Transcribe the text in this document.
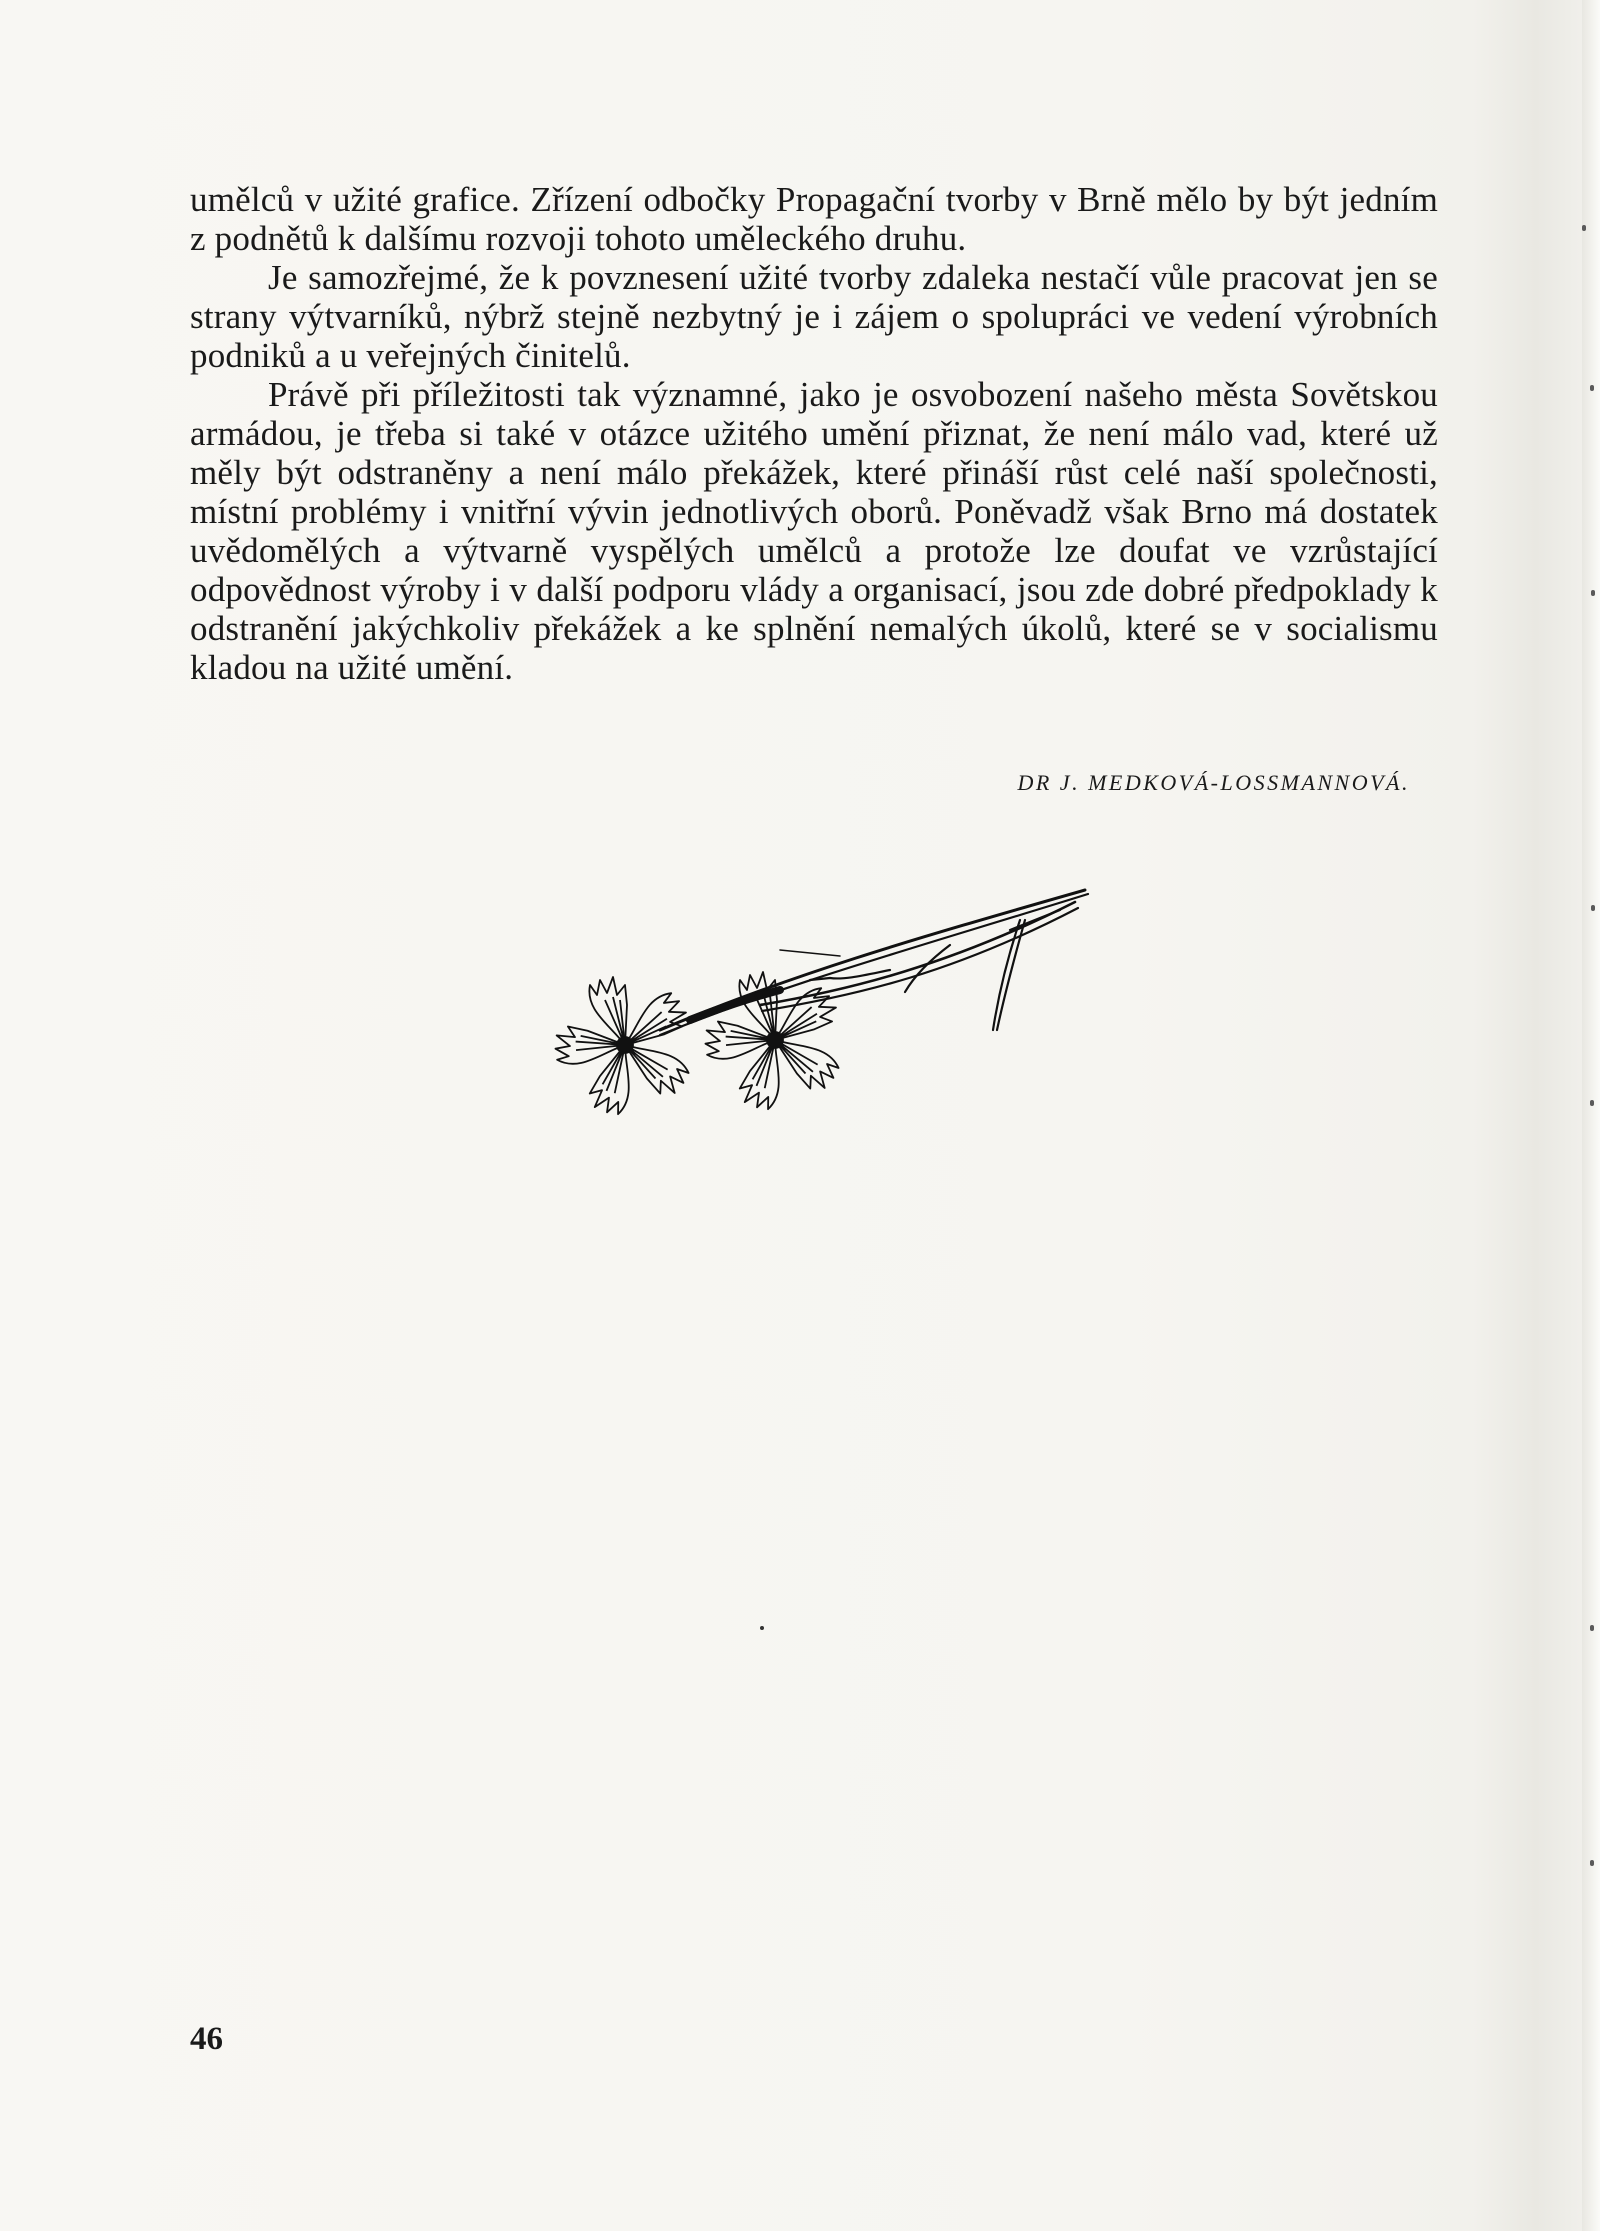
umělců v užité grafice. Zřízení odbočky Propagační tvorby v Brně mělo by být jedním z podnětů k dalšímu rozvoji tohoto uměleckého druhu.

Je samozřejmé, že k povznesení užité tvorby zdaleka nestačí vůle pracovat jen se strany výtvarníků, nýbrž stejně nezbytný je i zájem o spolupráci ve vedení výrobních podniků a u veřejných činitelů.

Právě při příležitosti tak významné, jako je osvobození našeho města Sovětskou armádou, je třeba si také v otázce užitého umění přiznat, že není málo vad, které už měly být odstraněny a není málo překážek, které přináší růst celé naší společnosti, místní problémy i vnitřní vývin jednotlivých oborů. Poněvadž však Brno má dostatek uvědomělých a výtvarně vyspělých umělců a protože lze doufat ve vzrůstající odpovědnost výroby i v další podporu vlády a organisací, jsou zde dobré předpoklady k odstranění jakýchkoliv překážek a ke splnění nemalých úkolů, které se v socialismu kladou na užité umění.

DR J. MEDKOVÁ-LOSSMANNOVÁ.
46
